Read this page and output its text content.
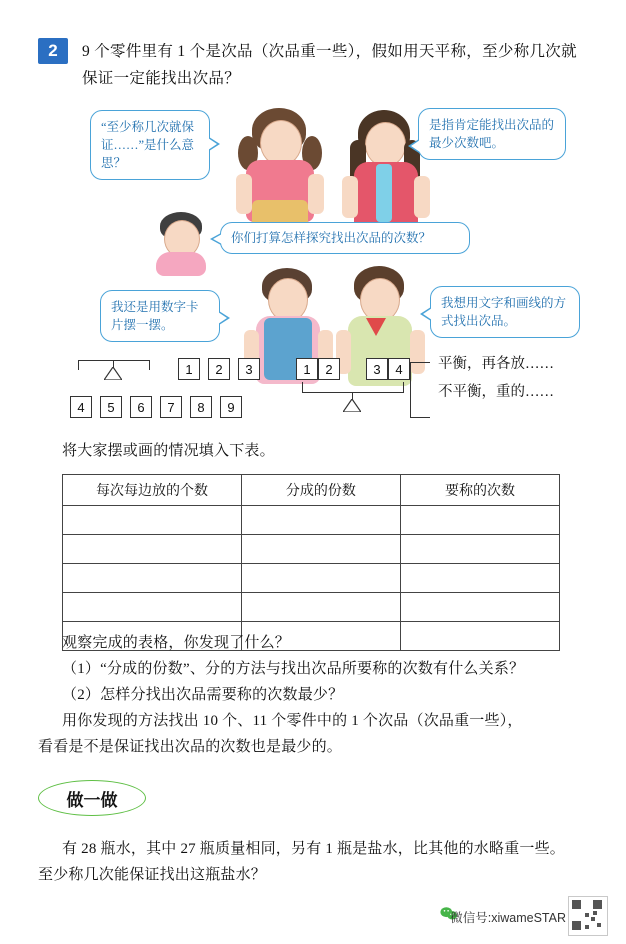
2	9 个零件里有 1 个是次品（次品重一些），假如用天平称，至少称几次就保证一定能找出次品？
“至少称几次就保证……”是什么意思？
是指肯定能找出次品的最少次数吧。
你们打算怎样探究找出次品的次数？
我还是用数字卡片摆一摆。
我想用文字和画线的方式找出次品。
1	2	3
4	5	6	7	8	9
1	2	3	4	平衡，再各放……
不平衡，重的……
将大家摆或画的情况填入下表。
每次每边放的个数	分成的份数	要称的次数

观察完成的表格，你发现了什么？
（1）“分成的份数”、分的方法与找出次品所要称的次数有什么关系？
（2）怎样分找出次品需要称的次数最少？
用你发现的方法找出 10 个、11 个零件中的 1 个次品（次品重一些），
看看是不是保证找出次品的次数也是最少的。
做一做
有 28 瓶水，其中 27 瓶质量相同，另有 1 瓶是盐水，比其他的水略重一些。
至少称几次能保证找出这瓶盐水？
微信号:xiwameSTAR
